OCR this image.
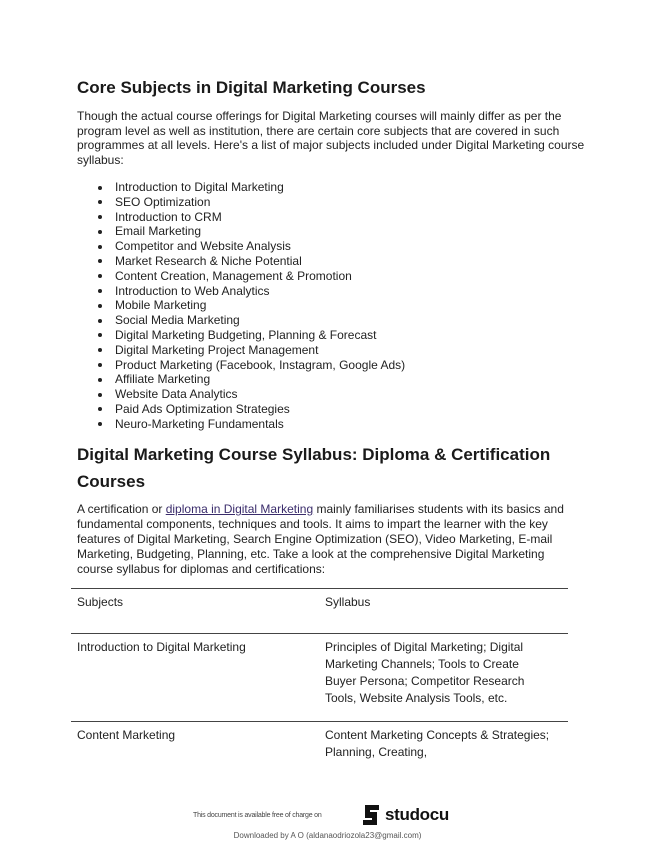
Core Subjects in Digital Marketing Courses

Though the actual course offerings for Digital Marketing courses will mainly differ as per the program level as well as institution, there are certain core subjects that are covered in such programmes at all levels. Here's a list of major subjects included under Digital Marketing course syllabus:

Introduction to Digital Marketing
SEO Optimization
Introduction to CRM
Email Marketing
Competitor and Website Analysis
Market Research & Niche Potential
Content Creation, Management & Promotion
Introduction to Web Analytics
Mobile Marketing
Social Media Marketing
Digital Marketing Budgeting, Planning & Forecast
Digital Marketing Project Management
Product Marketing (Facebook, Instagram, Google Ads)
Affiliate Marketing
Website Data Analytics
Paid Ads Optimization Strategies
Neuro-Marketing Fundamentals
Digital Marketing Course Syllabus: Diploma & Certification Courses

A certification or diploma in Digital Marketing mainly familiarises students with its basics and fundamental components, techniques and tools. It aims to impart the learner with the key features of Digital Marketing, Search Engine Optimization (SEO), Video Marketing, E-mail Marketing, Budgeting, Planning, etc. Take a look at the comprehensive Digital Marketing course syllabus for diplomas and certifications:

Subjects	Syllabus

Introduction to Digital Marketing	Principles of Digital Marketing; Digital Marketing Channels; Tools to Create Buyer Persona; Competitor Research Tools, Website Analysis Tools, etc.

Content Marketing	Content Marketing Concepts & Strategies; Planning, Creating,

This document is available free of charge on	studocu
Downloaded by A O (aldanaodriozola23@gmail.com)
